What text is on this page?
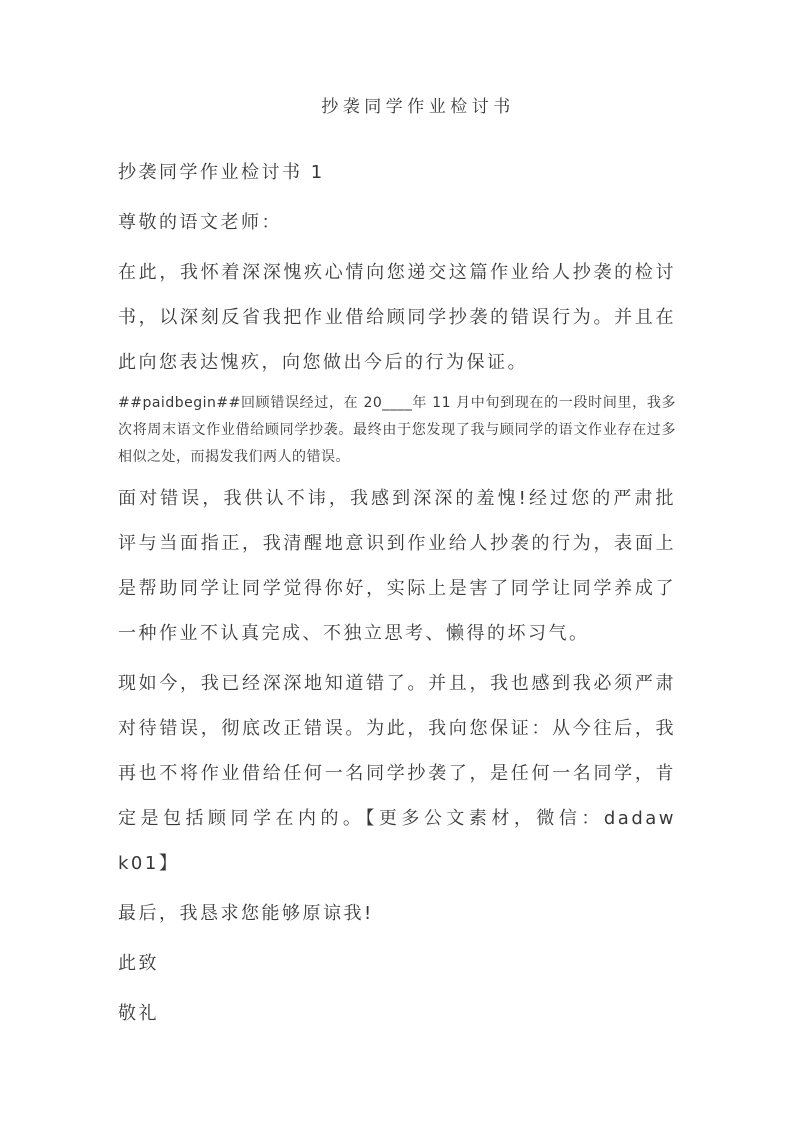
抄袭同学作业检讨书

抄袭同学作业检讨书 1

尊敬的语文老师：

在此，我怀着深深愧疚心情向您递交这篇作业给人抄袭的检讨书，以深刻反省我把作业借给顾同学抄袭的错误行为。并且在此向您表达愧疚，向您做出今后的行为保证。

##paidbegin##回顾错误经过，在 20____年 11 月中旬到现在的一段时间里，我多次将周末语文作业借给顾同学抄袭。最终由于您发现了我与顾同学的语文作业存在过多相似之处，而揭发我们两人的错误。

面对错误，我供认不讳，我感到深深的羞愧!经过您的严肃批评与当面指正，我清醒地意识到作业给人抄袭的行为，表面上是帮助同学让同学觉得你好，实际上是害了同学让同学养成了一种作业不认真完成、不独立思考、懒得的坏习气。

现如今，我已经深深地知道错了。并且，我也感到我必须严肃对待错误，彻底改正错误。为此，我向您保证：从今往后，我再也不将作业借给任何一名同学抄袭了，是任何一名同学，肯定是包括顾同学在内的。【更多公文素材，微信：dadaw k01】

最后，我恳求您能够原谅我!

此致

敬礼
